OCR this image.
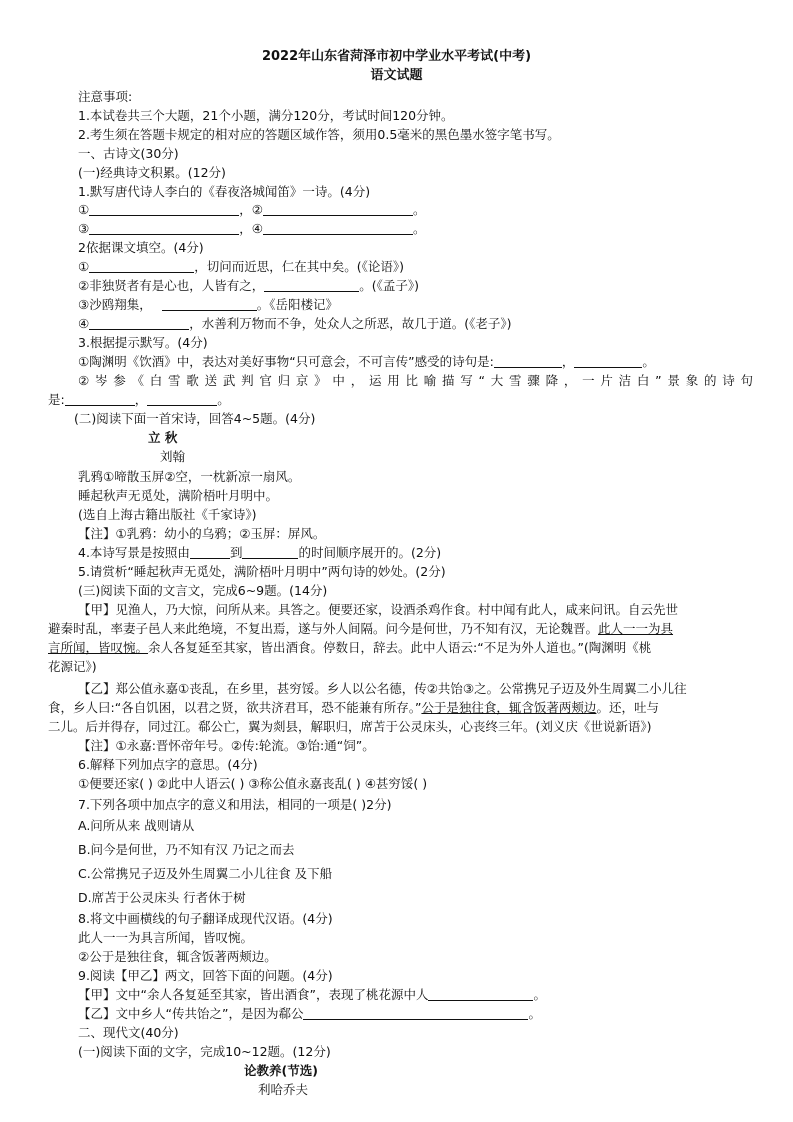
2022年山东省菏泽市初中学业水平考试(中考)
语文试题
注意事项:
1.本试卷共三个大题，21个小题，满分120分，考试时间120分钟。
2.考生须在答题卡规定的相对应的答题区域作答，须用0.5毫米的黑色墨水签字笔书写。
一、古诗文(30分)
(一)经典诗文积累。(12分)
1.默写唐代诗人李白的《春夜洛城闻笛》一诗。(4分)
①	，②	。
③	，④	。
2依据课文填空。(4分)
①	，切问而近思，仁在其中矣。(《论语》)
②非独贤者有是心也，人皆有之，	。(《孟子》)
③沙鸥翔集，	。《岳阳楼记》
④	，水善利万物而不争，处众人之所恶，故几于道。(《老子》)
3.根据提示默写。(4分)
①陶渊明《饮酒》中，表达对美好事物“只可意会，不可言传”感受的诗句是:	，	。
②岑参《白雪歌送武判官归京》中，运用比喻描写“大雪骤降，一片洁白”景象的诗句
是:	，	。
(二)阅读下面一首宋诗，回答4~5题。(4分)
立 秋
刘翰
乳鸦①啼散玉屏②空，一枕新凉一扇风。
睡起秋声无觅处，满阶梧叶月明中。
(选自上海古籍出版社《千家诗》)
【注】①乳鸦：幼小的乌鸦；②玉屏：屏风。
4.本诗写景是按照由	到	的时间顺序展开的。(2分)
5.请赏析“睡起秋声无觅处，满阶梧叶月明中”两句诗的妙处。(2分)
(三)阅读下面的文言文，完成6~9题。(14分)
【甲】见渔人，乃大惊，问所从来。具答之。便要还家，设酒杀鸡作食。村中闻有此人，咸来问讯。自云先世
避秦时乱，率妻子邑人来此绝境，不复出焉，遂与外人间隔。问今是何世，乃不知有汉，无论魏晋。此人一一为具
言所闻，皆叹惋。余人各复延至其家，皆出酒食。停数日，辞去。此中人语云:“不足为外人道也。”(陶渊明《桃
花源记》)
【乙】郑公值永嘉①丧乱，在乡里，甚穷馁。乡人以公名德，传②共饴③之。公常携兄子迈及外生周翼二小儿往
食，乡人曰:“各自饥困，以君之贤，欲共济君耳，恐不能兼有所存。”公于是独往食，辄含饭著两颊边。还，吐与
二儿。后并得存，同过江。郗公亡，翼为剡县，解职归，席苫于公灵床头，心丧终三年。(刘义庆《世说新语》)
【注】①永嘉:晋怀帝年号。②传:轮流。③饴:通“饲”。
6.解释下列加点字的意思。(4分)
①便要还家( ) ②此中人语云( ) ③称公值永嘉丧乱( ) ④甚穷馁( )
7.下列各项中加点字的意义和用法，相同的一项是( )2分)
A.问所从来 战则请从
B.问今是何世，乃不知有汉 乃记之而去
C.公常携兄子迈及外生周翼二小儿往食 及下船
D.席苫于公灵床头 行者休于树
8.将文中画横线的句子翻译成现代汉语。(4分)
此人一一为具言所闻，皆叹惋。
②公于是独往食，辄含饭著两颊边。
9.阅读【甲乙】两文，回答下面的问题。(4分)
【甲】文中“余人各复延至其家，皆出酒食”，表现了桃花源中人	。
【乙】文中乡人“传共饴之”，是因为郗公	。
二、现代文(40分)
(一)阅读下面的文字，完成10~12题。(12分)
论教养(节选)
利哈乔夫
